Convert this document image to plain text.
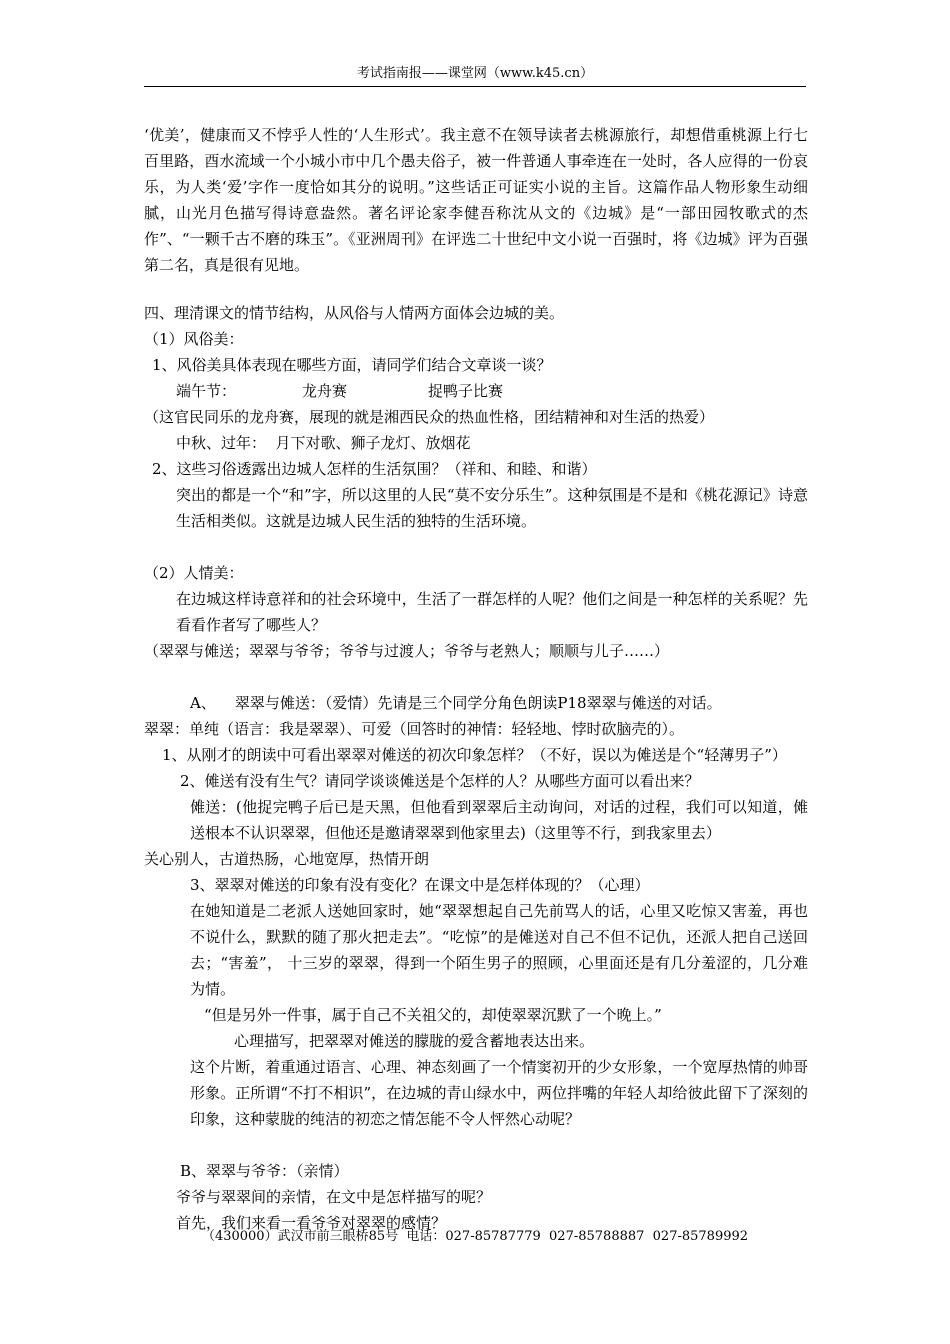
考试指南报——课堂网（www.k45.cn）

‘优美’，健康而又不悖乎人性的‘人生形式’。我主意不在领导读者去桃源旅行，却想借重桃源上行七百里路，酉水流域一个小城小市中几个愚夫俗子，被一件普通人事牵连在一处时，各人应得的一份哀乐，为人类‘爱’字作一度恰如其分的说明。”这些话正可证实小说的主旨。这篇作品人物形象生动细腻，山光月色描写得诗意盎然。著名评论家李健吾称沈从文的《边城》是“一部田园牧歌式的杰作”、“一颗千古不磨的珠玉”。《亚洲周刊》在评选二十世纪中文小说一百强时，将《边城》评为百强第二名，真是很有见地。

四、理清课文的情节结构，从风俗与人情两方面体会边城的美。

（1）风俗美：

1、风俗美具体表现在哪些方面，请同学们结合文章谈一谈？

端午节：	龙舟赛	捉鸭子比赛

（这官民同乐的龙舟赛，展现的就是湘西民众的热血性格，团结精神和对生活的热爱）

中秋、过年：  月下对歌、狮子龙灯、放烟花

2、这些习俗透露出边城人怎样的生活氛围？（祥和、和睦、和谐）

突出的都是一个“和”字，所以这里的人民“莫不安分乐生”。这种氛围是不是和《桃花源记》诗意生活相类似。这就是边城人民生活的独特的生活环境。

（2）人情美：

在边城这样诗意祥和的社会环境中，生活了一群怎样的人呢？他们之间是一种怎样的关系呢？先看看作者写了哪些人？

（翠翠与傩送；翠翠与爷爷；爷爷与过渡人；爷爷与老熟人；顺顺与儿子……）

A、    翠翠与傩送：（爱情）先请是三个同学分角色朗读P18翠翠与傩送的对话。

翠翠：单纯（语言：我是翠翠）、可爱（回答时的神情：轻轻地、悖时砍脑壳的）。

1、从刚才的朗读中可看出翠翠对傩送的初次印象怎样？（不好，误以为傩送是个“轻薄男子”）

2、傩送有没有生气？请同学谈谈傩送是个怎样的人？从哪些方面可以看出来？

傩送：(他捉完鸭子后已是天黑，但他看到翠翠后主动询问，对话的过程，我们可以知道，傩送根本不认识翠翠，但他还是邀请翠翠到他家里去)（这里等不行，到我家里去）

关心别人，古道热肠，心地宽厚，热情开朗

3、翠翠对傩送的印象有没有变化？在课文中是怎样体现的？（心理）

在她知道是二老派人送她回家时，她“翠翠想起自己先前骂人的话，心里又吃惊又害羞，再也不说什么，默默的随了那火把走去”。“吃惊”的是傩送对自己不但不记仇，还派人把自己送回去；“害羞”， 十三岁的翠翠，得到一个陌生男子的照顾，心里面还是有几分羞涩的，几分难为情。

“但是另外一件事，属于自己不关祖父的，却使翠翠沉默了一个晚上。”

心理描写，把翠翠对傩送的朦胧的爱含蓄地表达出来。

这个片断，着重通过语言、心理、神态刻画了一个情窦初开的少女形象，一个宽厚热情的帅哥形象。正所谓“不打不相识”，在边城的青山绿水中，两位拌嘴的年轻人却给彼此留下了深刻的印象，这种蒙胧的纯洁的初恋之情怎能不令人怦然心动呢？

B、翠翠与爷爷：（亲情）

爷爷与翠翠间的亲情，在文中是怎样描写的呢？

首先，我们来看一看爷爷对翠翠的感情？

（430000）武汉市前三眼桥85号  电话：027-85787779  027-85788887  027-85789992
